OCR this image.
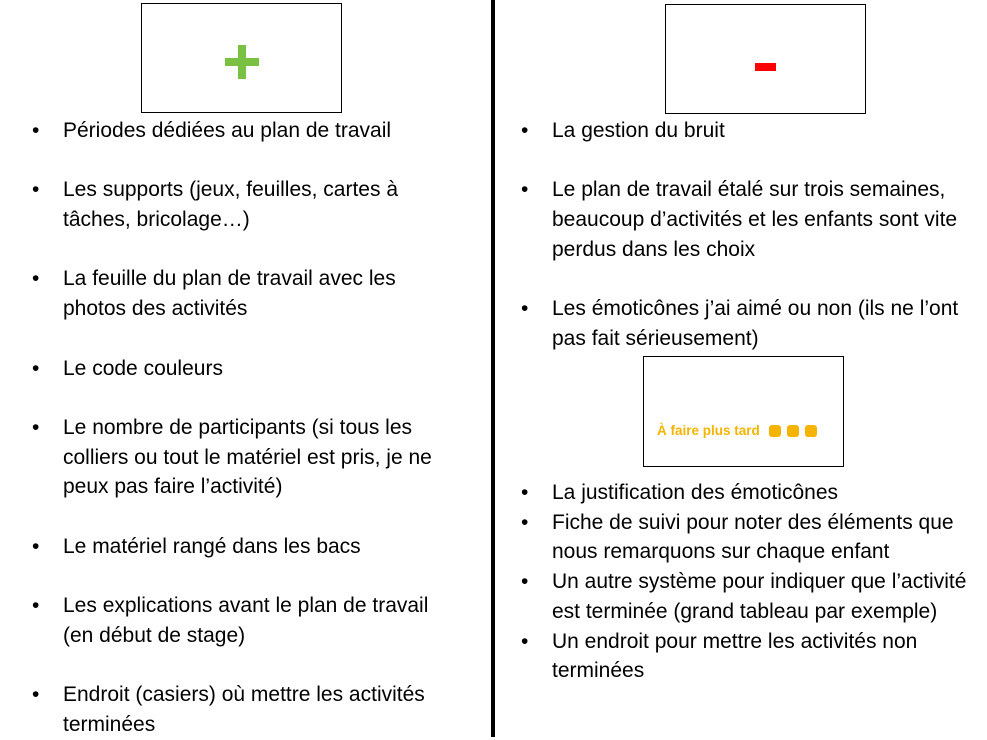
• Périodes dédiées au plan de travail
• Les supports (jeux, feuilles, cartes à tâches, bricolage…)
• La feuille du plan de travail avec les photos des activités
• Le code couleurs
• Le nombre de participants (si tous les colliers ou tout le matériel est pris, je ne peux pas faire l’activité)
• Le matériel rangé dans les bacs
• Les explications avant le plan de travail (en début de stage)
• Endroit (casiers) où mettre les activités terminées
• La gestion du bruit
• Le plan de travail étalé sur trois semaines, beaucoup d’activités et les enfants sont vite perdus dans les choix
• Les émoticônes j’ai aimé ou non (ils ne l’ont pas fait sérieusement)
À faire plus tard
• La justification des émoticônes
• Fiche de suivi pour noter des éléments que nous remarquons sur chaque enfant
• Un autre système pour indiquer que l’activité est terminée (grand tableau par exemple)
• Un endroit pour mettre les activités non terminées
